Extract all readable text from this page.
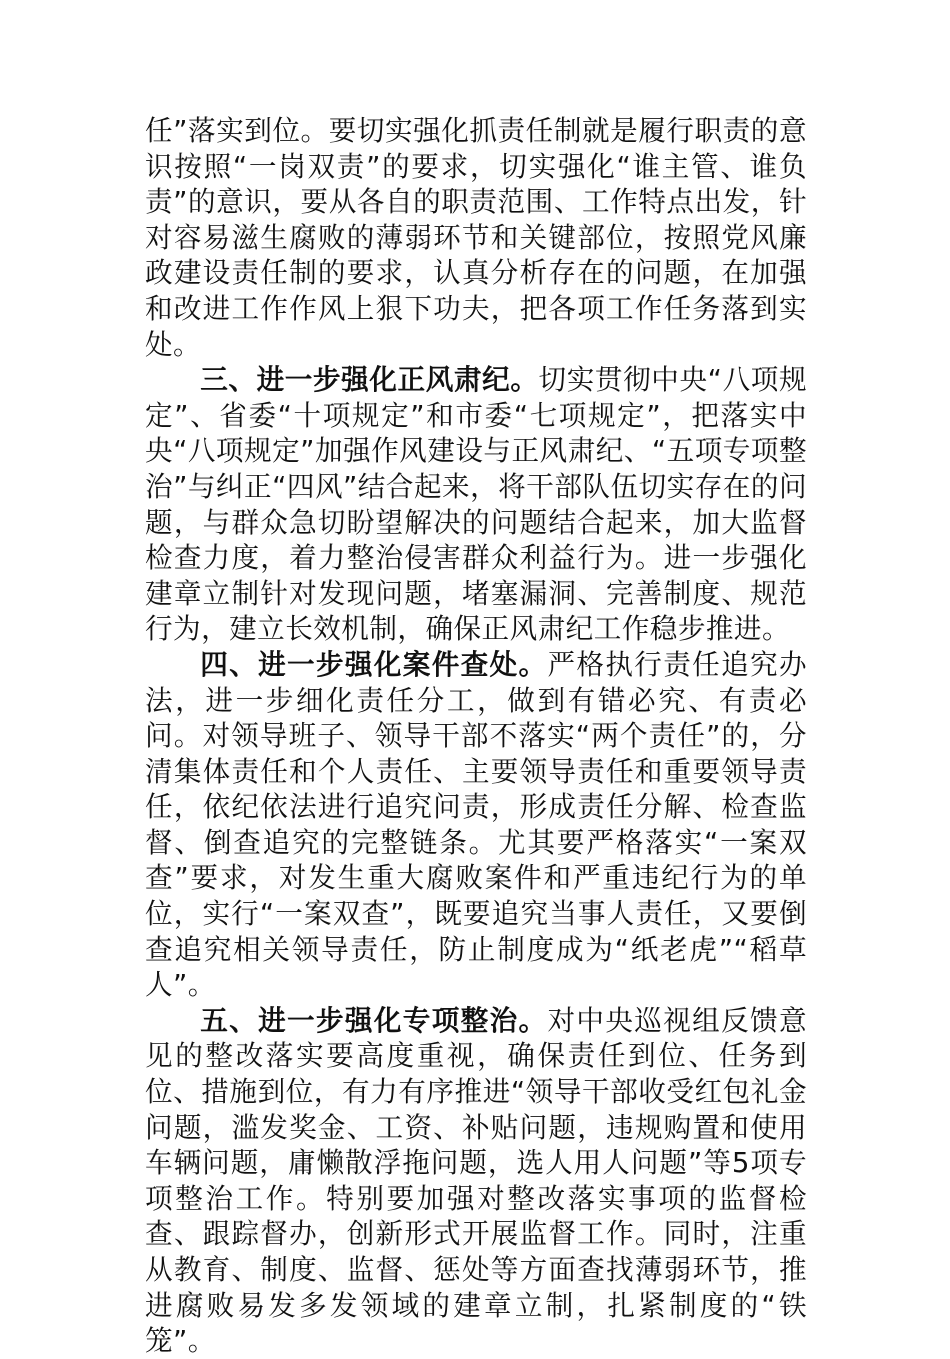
任”落实到位。要切实强化抓责任制就是履行职责的意识按照“一岗双责”的要求，切实强化“谁主管、谁负责”的意识，要从各自的职责范围、工作特点出发，针对容易滋生腐败的薄弱环节和关键部位，按照党风廉政建设责任制的要求，认真分析存在的问题，在加强和改进工作作风上狠下功夫，把各项工作任务落到实处。

三、进一步强化正风肃纪。切实贯彻中央“八项规定”、省委“十项规定”和市委“七项规定”，把落实中央“八项规定”加强作风建设与正风肃纪、“五项专项整治”与纠正“四风”结合起来，将干部队伍切实存在的问题，与群众急切盼望解决的问题结合起来，加大监督检查力度，着力整治侵害群众利益行为。进一步强化建章立制针对发现问题，堵塞漏洞、完善制度、规范行为，建立长效机制，确保正风肃纪工作稳步推进。

四、进一步强化案件查处。严格执行责任追究办法，进一步细化责任分工，做到有错必究、有责必问。对领导班子、领导干部不落实“两个责任”的，分清集体责任和个人责任、主要领导责任和重要领导责任，依纪依法进行追究问责，形成责任分解、检查监督、倒查追究的完整链条。尤其要严格落实“一案双查”要求，对发生重大腐败案件和严重违纪行为的单位，实行“一案双查”，既要追究当事人责任，又要倒查追究相关领导责任，防止制度成为“纸老虎”“稻草人”。

五、进一步强化专项整治。对中央巡视组反馈意见的整改落实要高度重视，确保责任到位、任务到位、措施到位，有力有序推进“领导干部收受红包礼金问题，滥发奖金、工资、补贴问题，违规购置和使用车辆问题，庸懒散浮拖问题，选人用人问题”等5项专项整治工作。特别要加强对整改落实事项的监督检查、跟踪督办，创新形式开展监督工作。同时，注重从教育、制度、监督、惩处等方面查找薄弱环节，推进腐败易发多发领域的建章立制，扎紧制度的“铁笼”。
